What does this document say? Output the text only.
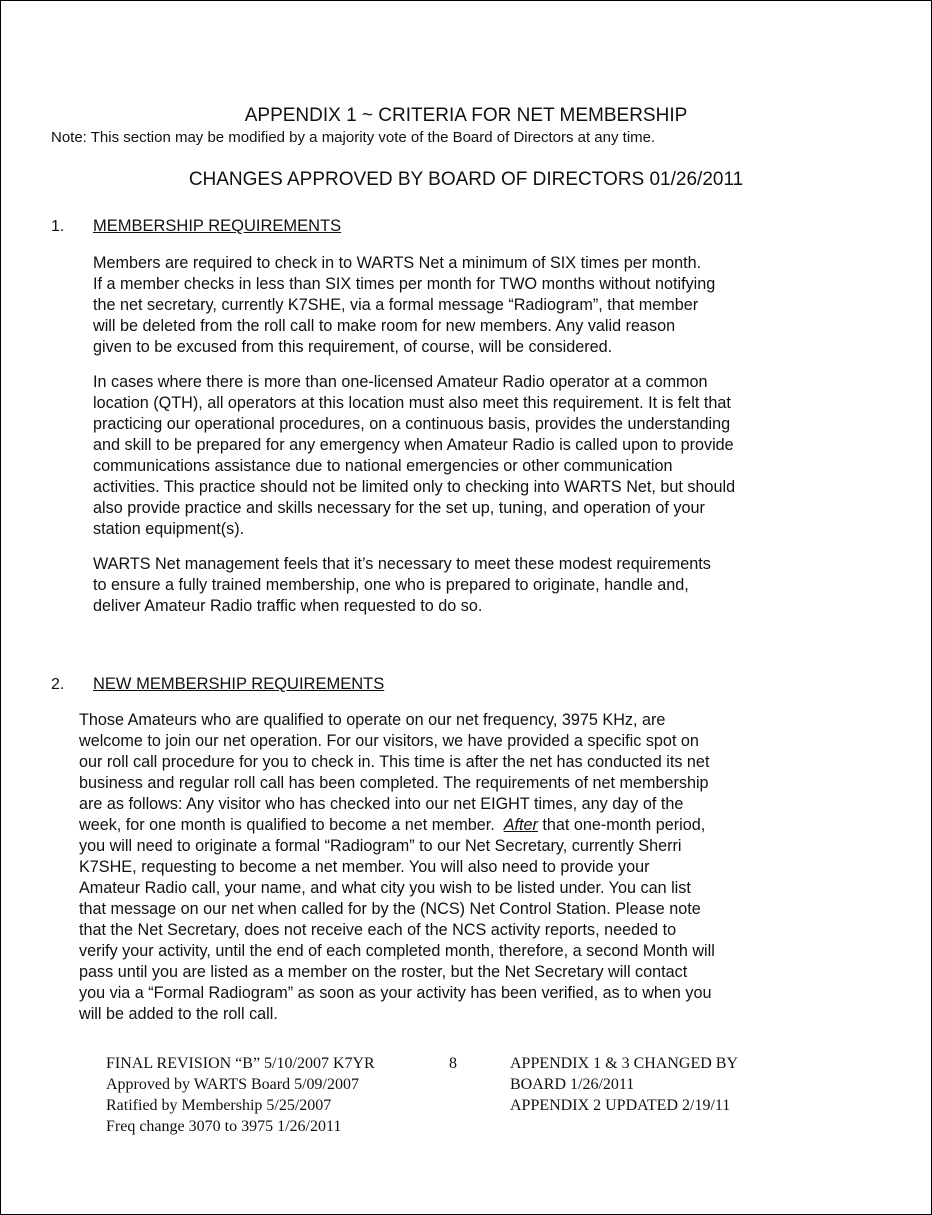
APPENDIX 1 ~ CRITERIA FOR NET MEMBERSHIP
Note: This section may be modified by a majority vote of the Board of Directors at any time.
CHANGES APPROVED BY BOARD OF DIRECTORS 01/26/2011
1. MEMBERSHIP REQUIREMENTS

Members are required to check in to WARTS Net a minimum of SIX times per month.

If a member checks in less than SIX times per month for TWO months without notifying

the net secretary, currently K7SHE, via a formal message “Radiogram”, that member

will be deleted from the roll call to make room for new members. Any valid reason

given to be excused from this requirement, of course, will be considered.

In cases where there is more than one-licensed Amateur Radio operator at a common

location (QTH), all operators at this location must also meet this requirement. It is felt that

practicing our operational procedures, on a continuous basis, provides the understanding

and skill to be prepared for any emergency when Amateur Radio is called upon to provide

communications assistance due to national emergencies or other communication

activities. This practice should not be limited only to checking into WARTS Net, but should

also provide practice and skills necessary for the set up, tuning, and operation of your

station equipment(s).

WARTS Net management feels that it’s necessary to meet these modest requirements

to ensure a fully trained membership, one who is prepared to originate, handle and,

deliver Amateur Radio traffic when requested to do so.

2. NEW MEMBERSHIP REQUIREMENTS

Those Amateurs who are qualified to operate on our net frequency, 3975 KHz, are

welcome to join our net operation. For our visitors, we have provided a specific spot on

our roll call procedure for you to check in. This time is after the net has conducted its net

business and regular roll call has been completed. The requirements of net membership

are as follows: Any visitor who has checked into our net EIGHT times, any day of the

week, for one month is qualified to become a net member.  After that one-month period,

you will need to originate a formal “Radiogram” to our Net Secretary, currently Sherri

K7SHE, requesting to become a net member. You will also need to provide your

Amateur Radio call, your name, and what city you wish to be listed under. You can list

that message on our net when called for by the (NCS) Net Control Station. Please note

that the Net Secretary, does not receive each of the NCS activity reports, needed to

verify your activity, until the end of each completed month, therefore, a second Month will

pass until you are listed as a member on the roster, but the Net Secretary will contact

you via a “Formal Radiogram” as soon as your activity has been verified, as to when you

will be added to the roll call.

FINAL REVISION “B” 5/10/2007 K7YR

Approved by WARTS Board 5/09/2007

Ratified by Membership 5/25/2007

Freq change 3070 to 3975 1/26/2011

8	APPENDIX 1 & 3 CHANGED BY

BOARD 1/26/2011

APPENDIX 2 UPDATED 2/19/11
